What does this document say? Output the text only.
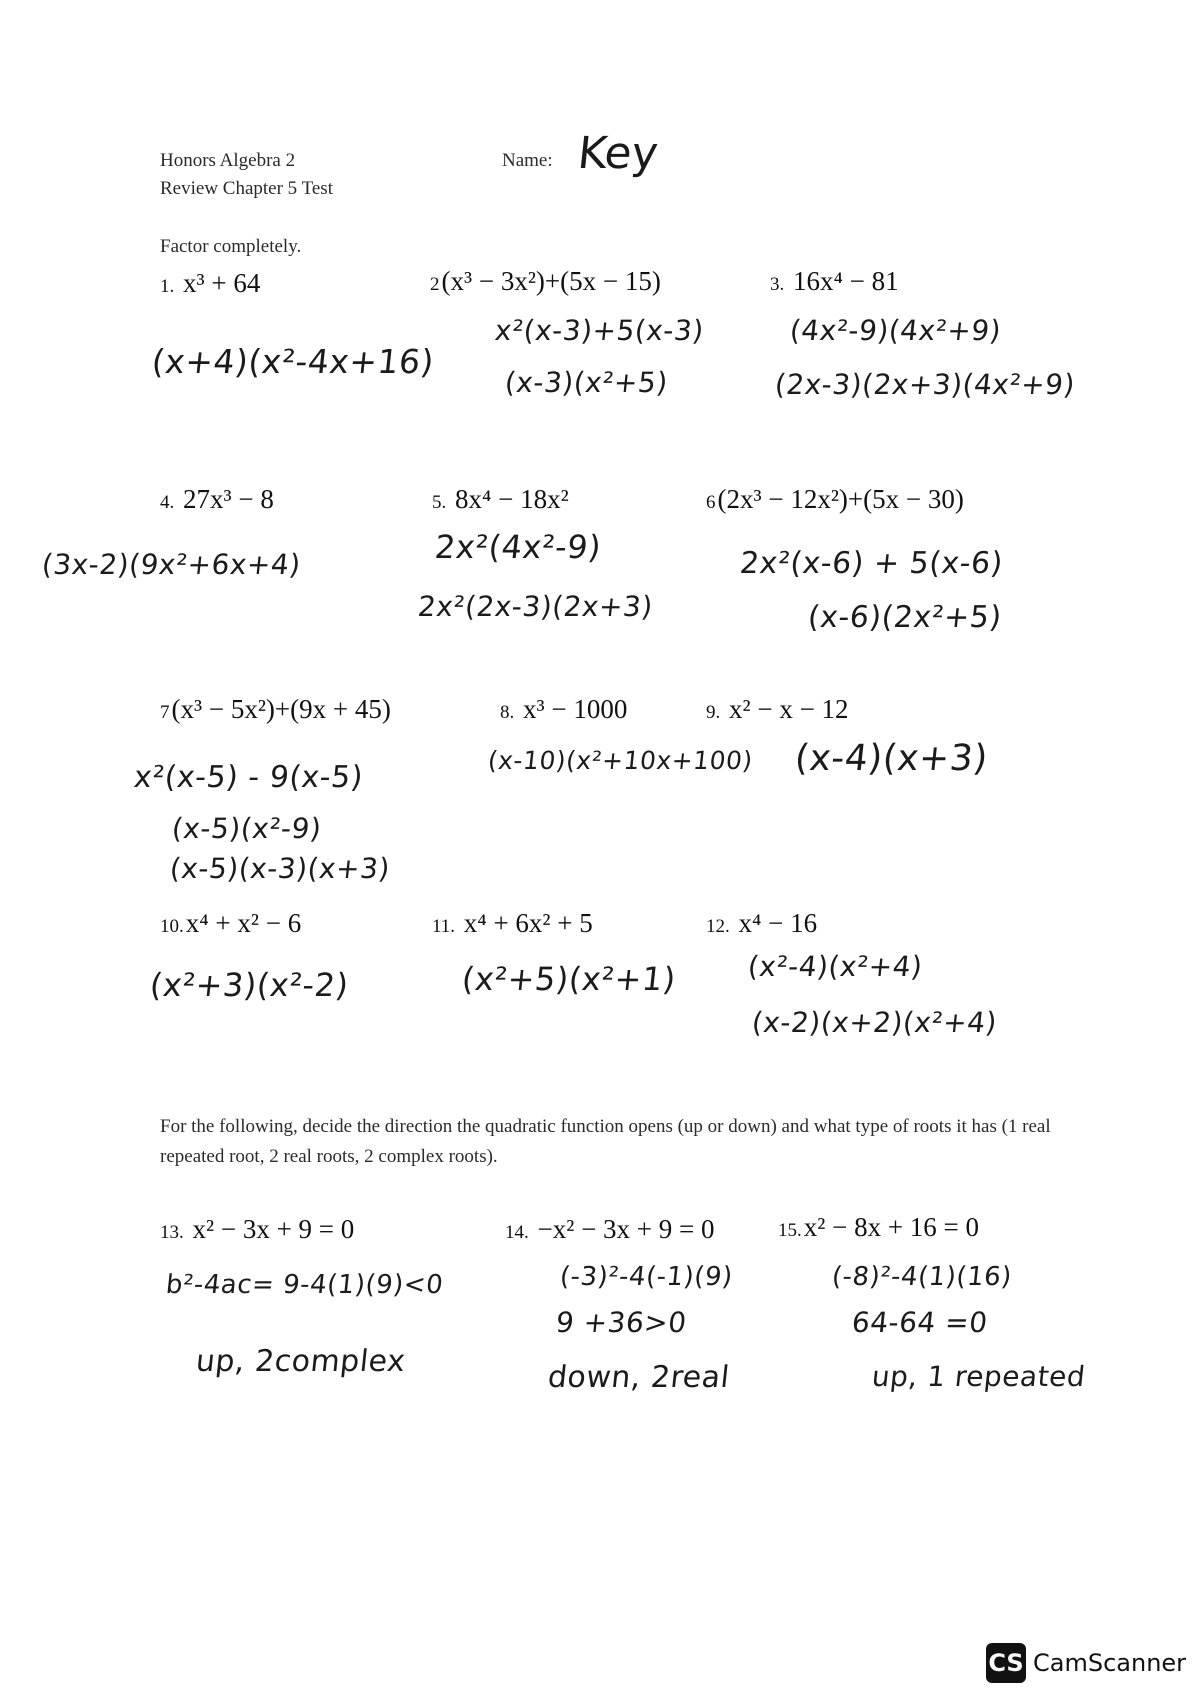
Honors Algebra 2
Review Chapter 5 Test
Name: Key
Factor completely.
1. x³ + 64
(x+4)(x²-4x+16)
2(x³ − 3x²)+(5x − 15)
x²(x-3)+5(x-3)
(x-3)(x²+5)
3. 16x⁴ − 81
(4x²-9)(4x²+9)
(2x-3)(2x+3)(4x²+9)
4. 27x³ − 8
(3x-2)(9x²+6x+4)
5. 8x⁴ − 18x²
2x²(4x²-9)
2x²(2x-3)(2x+3)
6(2x³ − 12x²)+(5x − 30)
2x²(x-6) + 5(x-6)
(x-6)(2x²+5)
7(x³ − 5x²)+(9x + 45)
x²(x-5) - 9(x-5)
(x-5)(x²-9)
(x-5)(x-3)(x+3)
8. x³ − 1000
(x-10)(x²+10x+100)
9. x² − x − 12
(x-4)(x+3)
10.x⁴ + x² − 6
(x²+3)(x²-2)
11. x⁴ + 6x² + 5
(x²+5)(x²+1)
12. x⁴ − 16
(x²-4)(x²+4)
(x-2)(x+2)(x²+4)
For the following, decide the direction the quadratic function opens (up or down) and what type of roots it has (1 real repeated root, 2 real roots, 2 complex roots).
13. x² − 3x + 9 = 0
b²-4ac= 9-4(1)(9)<0
up, 2complex
14. −x² − 3x + 9 = 0
(-3)²-4(-1)(9)
9 +36>0
down, 2real
15.x² − 8x + 16 = 0
(-8)²-4(1)(16)
64-64 =0
up, 1 repeated
CS CamScanner
